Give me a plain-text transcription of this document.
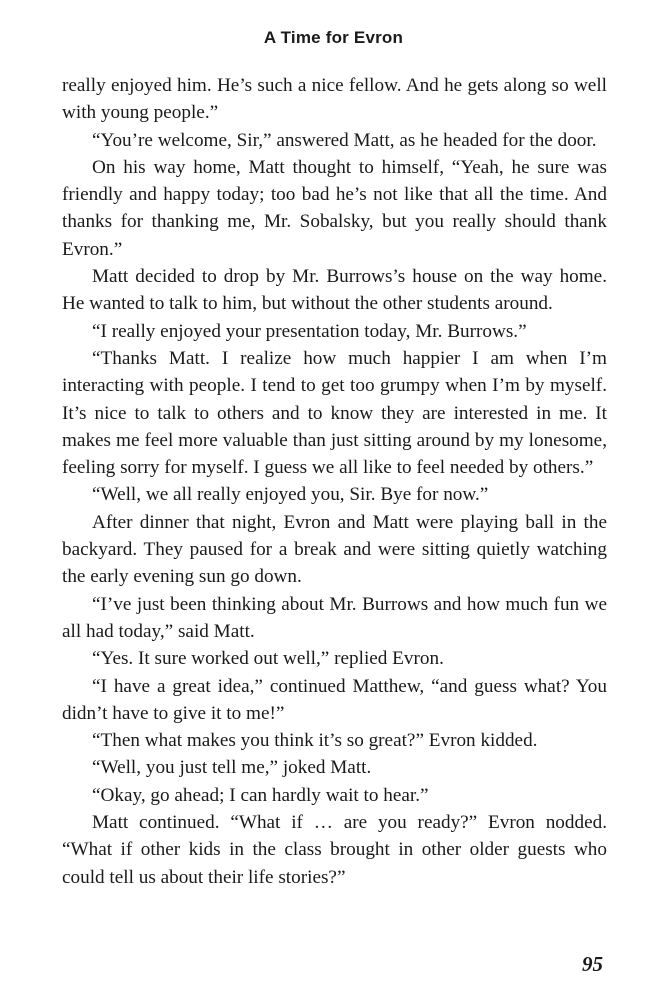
A Time for Evron

really enjoyed him. He’s such a nice fellow. And he gets along so well with young people.”

“You’re welcome, Sir,” answered Matt, as he headed for the door.

On his way home, Matt thought to himself, “Yeah, he sure was friendly and happy today; too bad he’s not like that all the time. And thanks for thanking me, Mr. Sobalsky, but you really should thank Evron.”

Matt decided to drop by Mr. Burrows’s house on the way home. He wanted to talk to him, but without the other students around.

“I really enjoyed your presentation today, Mr. Burrows.”

“Thanks Matt. I realize how much happier I am when I’m interacting with people. I tend to get too grumpy when I’m by myself. It’s nice to talk to others and to know they are interested in me. It makes me feel more valuable than just sitting around by my lonesome, feeling sorry for myself. I guess we all like to feel needed by others.”

“Well, we all really enjoyed you, Sir. Bye for now.”

After dinner that night, Evron and Matt were playing ball in the backyard. They paused for a break and were sitting quietly watching the early evening sun go down.

“I’ve just been thinking about Mr. Burrows and how much fun we all had today,” said Matt.

“Yes. It sure worked out well,” replied Evron.

“I have a great idea,” continued Matthew, “and guess what? You didn’t have to give it to me!”

“Then what makes you think it’s so great?” Evron kidded.

“Well, you just tell me,” joked Matt.

“Okay, go ahead; I can hardly wait to hear.”

Matt continued. “What if … are you ready?” Evron nodded. “What if other kids in the class brought in other older guests who could tell us about their life stories?”

95
